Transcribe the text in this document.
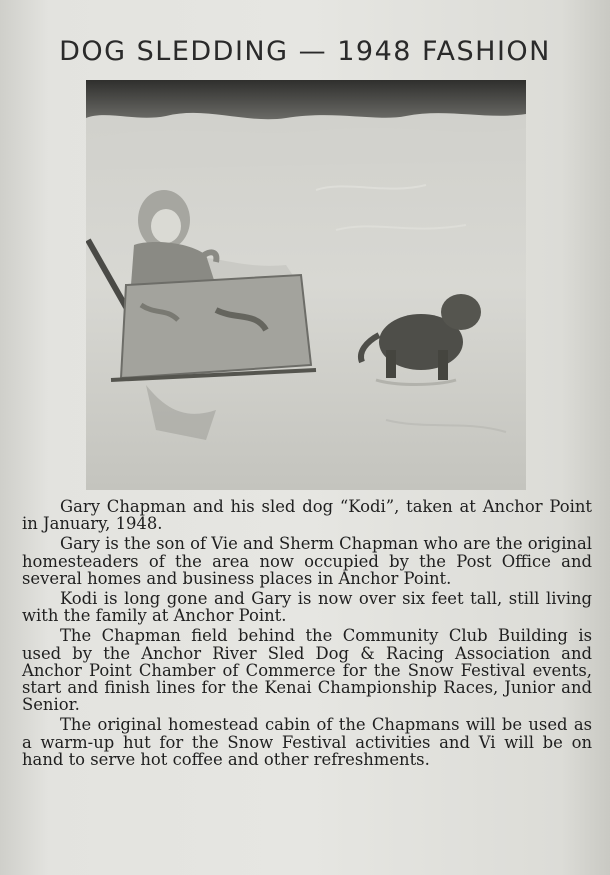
DOG SLEDDING — 1948 FASHION

Gary Chapman and his sled dog “Kodi”, taken at Anchor Point in January, 1948.

Gary is the son of Vie and Sherm Chapman who are the original homesteaders of the area now occupied by the Post Office and several homes and business places in Anchor Point.

Kodi is long gone and Gary is now over six feet tall, still living with the family at Anchor Point.

The Chapman field behind the Community Club Building is used by the Anchor River Sled Dog & Racing Association and Anchor Point Chamber of Commerce for the Snow Festival events, start and finish lines for the Kenai Championship Races, Junior and Senior.

The original homestead cabin of the Chapmans will be used as a warm-up hut for the Snow Festival activities and Vi will be on hand to serve hot coffee and other refreshments.
